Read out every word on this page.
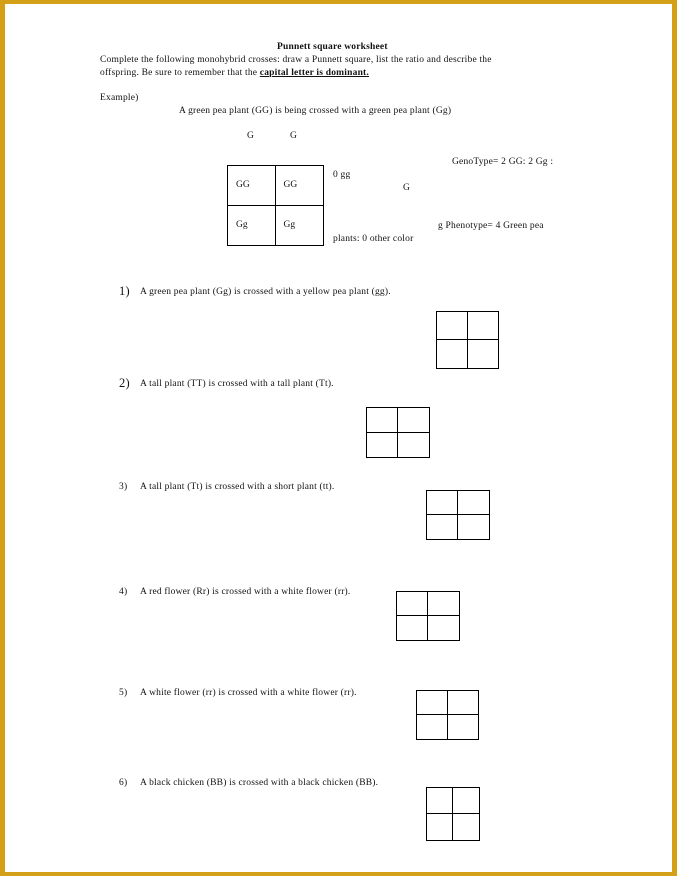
Punnett square worksheet
Complete the following monohybrid crosses: draw a Punnett square, list the ratio and describe the
offspring. Be sure to remember that the capital letter is dominant.
Example)
A green pea plant (GG) is being crossed with a green pea plant (Gg)
G	G
GG	GG
Gg	Gg
0 gg
G
GenoType= 2 GG: 2 Gg :
g Phenotype= 4 Green pea
plants: 0 other color
1) A green pea plant (Gg) is crossed with a yellow pea plant (gg).
2) A tall plant (TT) is crossed with a tall plant (Tt).
3) A tall plant (Tt) is crossed with a short plant (tt).
4) A red flower (Rr) is crossed with a white flower (rr).
5) A white flower (rr) is crossed with a white flower (rr).
6) A black chicken (BB) is crossed with a black chicken (BB).
